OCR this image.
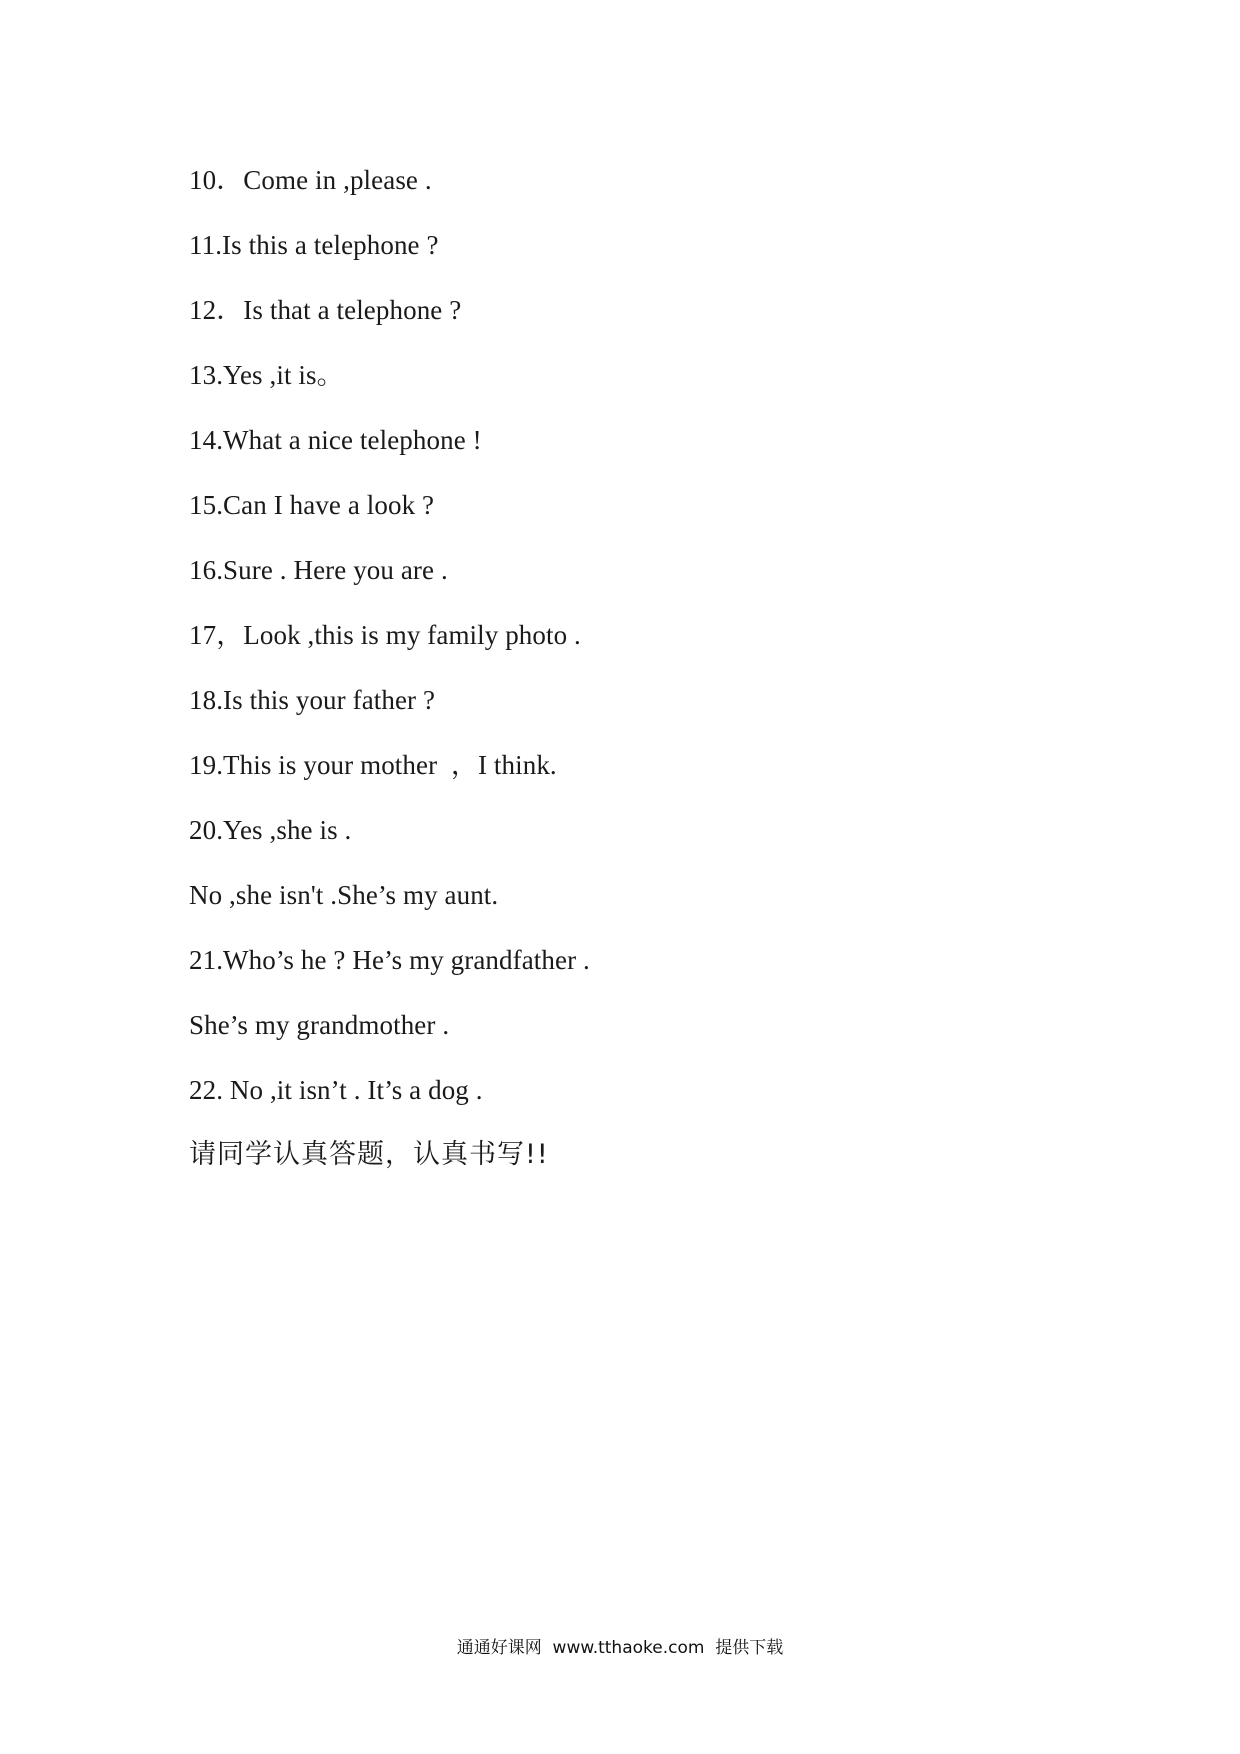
10．Come in ,please .
11.Is this a telephone ?
12．Is that a telephone ?
13.Yes ,it is。
14.What a nice telephone !
15.Can I have a look ?
16.Sure . Here you are .
17，Look ,this is my family photo .
18.Is this your father ?
19.This is your mother  ，I think.
20.Yes ,she is .
No ,she isn't .She’s my aunt.
21.Who’s he ? He’s my grandfather .
She’s my grandmother .
22. No ,it isn’t . It’s a dog .
请同学认真答题，认真书写!!
通通好课网  www.tthaoke.com  提供下载
